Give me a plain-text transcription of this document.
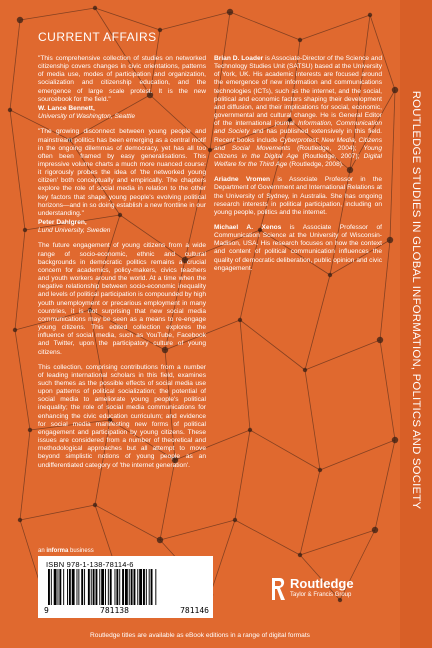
ROUTLEDGE STUDIES IN GLOBAL INFORMATION, POLITICS AND SOCIETY
CURRENT AFFAIRS

"This comprehensive collection of studies on networked citizenship covers changes in civic orientations, patterns of media use, modes of participation and organization, socialization and citizenship education, and the emergence of large scale protest. It is the new sourcebook for the field."

W. Lance Bennett,
University of Washington, Seattle

"The growing disconnect between young people and mainstream politics has been emerging as a central motif in the ongoing dilemmas of democracy, yet has all too often been framed by easy generalisations. This impressive volume charts a much more nuanced course: it rigorously probes the idea of 'the networked young citizen' both conceptually and empirically. The chapters explore the role of social media in relation to the other key factors that shape young people's evolving political horizons—and in so doing establish a new frontline in our understanding."

Peter Dahlgren,
Lund University, Sweden

The future engagement of young citizens from a wide range of socio-economic, ethnic and cultural backgrounds in democratic politics remains a crucial concern for academics, policy-makers, civics teachers and youth workers around the world. At a time when the negative relationship between socio-economic inequality and levels of political participation is compounded by high youth unemployment or precarious employment in many countries, it is not surprising that new social media communications may be seen as a means to re-engage young citizens. This edited collection explores the influence of social media, such as YouTube, Facebook and Twitter, upon the participatory culture of young citizens.

This collection, comprising contributions from a number of leading international scholars in this field, examines such themes as the possible effects of social media use upon patterns of political socialization; the potential of social media to ameliorate young people's political inequality; the role of social media communications for enhancing the civic education curriculum; and evidence for social media manifesting new forms of political engagement and participation by young citizens. These issues are considered from a number of theoretical and methodological approaches but all attempt to move beyond simplistic notions of young people as an undifferentiated category of 'the internet generation'.

Brian D. Loader is Associate-Director of the Science and Technology Studies Unit (SATSU) based at the University of York, UK. His academic interests are focused around the emergence of new information and communications technologies (ICTs), such as the internet, and the social, political and economic factors shaping their development and diffusion, and their implications for social, economic, governmental and cultural change. He is General Editor of the international journal Information, Communication and Society and has published extensively in this field. Recent books include Cyberprotest: New Media, Citizens and Social Movements (Routledge, 2004); Young Citizens in the Digital Age (Routledge, 2007); Digital Welfare for the Third Age (Routledge, 2008).

Ariadne Vromen is Associate Professor in the Department of Government and International Relations at the University of Sydney, in Australia. She has ongoing research interests in political participation, including on young people, politics and the internet.

Michael A. Xenos is Associate Professor of Communication Science at the University of Wisconsin-Madison, USA. His research focuses on how the context and content of political communication influences the quality of democratic deliberation, public opinion and civic engagement.

an informa business
ISBN 978-1-138-78114-6
9	781138	781146
Routledge
Taylor & Francis Group
Routledge titles are available as eBook editions in a range of digital formats
